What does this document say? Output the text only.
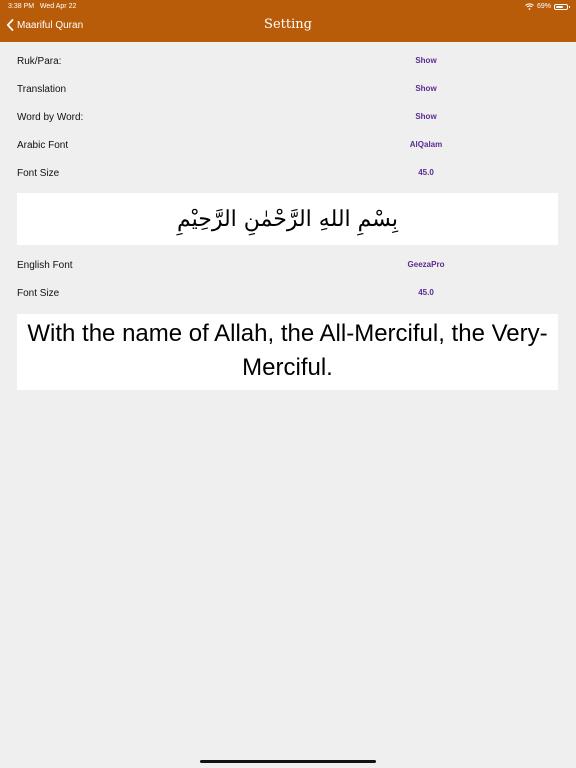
3:38 PM Wed Apr 22	69%
Maariful Quran	Setting
Ruk/Para:	Show
Translation	Show
Word by Word:	Show
Arabic Font	AlQalam
Font Size	45.0
بِسْمِ اللهِ الرَّحْمٰنِ الرَّحِيْمِ
English Font	GeezaPro
Font Size	45.0
With the name of Allah, the All-Merciful, the Very-Merciful.
